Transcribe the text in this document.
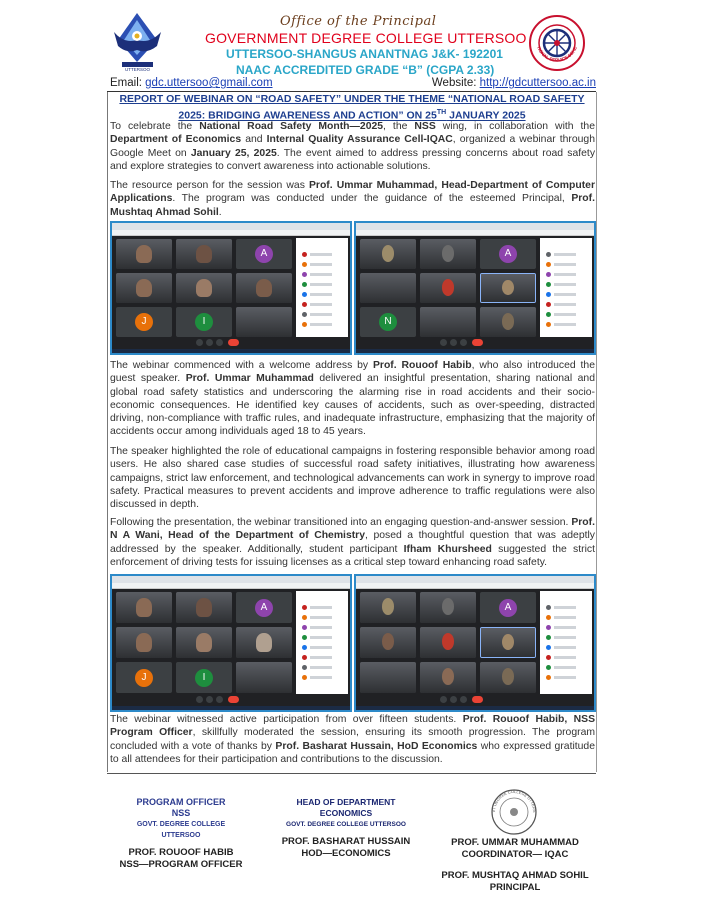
UTTERSOO
Office of the Principal
GOVERNMENT DEGREE COLLEGE UTTERSOO
UTTERSOO-SHANGUS ANANTNAG J&K- 192201
NAAC ACCREDITED GRADE “B” (CGPA 2.33)
TIONAL SERVICE SCHE
Email: gdc.uttersoo@gmail.com	Website: http://gdcuttersoo.ac.in
REPORT OF WEBINAR ON “ROAD SAFETY” UNDER THE THEME “NATIONAL ROAD SAFETY 2025: BRIDGING AWARENESS AND ACTION” ON 25TH JANUARY 2025
To celebrate the National Road Safety Month—2025, the NSS wing, in collaboration with the Department of Economics and Internal Quality Assurance Cell-IQAC, organized a webinar through Google Meet on January 25, 2025. The event aimed to address pressing concerns about road safety and explore strategies to convert awareness into actionable solutions.
The resource person for the session was Prof. Ummar Muhammad, Head-Department of Computer Applications. The program was conducted under the guidance of the esteemed Principal, Prof. Mushtaq Ahmad Sohil.
A
J	I
A
N
The webinar commenced with a welcome address by Prof. Rouoof Habib, who also introduced the guest speaker. Prof. Ummar Muhammad delivered an insightful presentation, sharing national and global road safety statistics and underscoring the alarming rise in road accidents and their socio-economic consequences. He identified key causes of accidents, such as over-speeding, distracted driving, non-compliance with traffic rules, and inadequate infrastructure, emphasizing that the majority of accidents occur among individuals aged 18 to 45 years.
The speaker highlighted the role of educational campaigns in fostering responsible behavior among road users. He also shared case studies of successful road safety initiatives, illustrating how awareness campaigns, strict law enforcement, and technological advancements can work in synergy to improve road safety. Practical measures to prevent accidents and improve adherence to traffic regulations were also discussed in depth.
Following the presentation, the webinar transitioned into an engaging question-and-answer session. Prof. N A Wani, Head of the Department of Chemistry, posed a thoughtful question that was adeptly addressed by the speaker. Additionally, student participant Ifham Khursheed suggested the strict enforcement of driving tests for issuing licenses as a critical step toward enhancing road safety.
A
J	I
A
The webinar witnessed active participation from over fifteen students. Prof. Rouoof Habib, NSS Program Officer, skillfully moderated the session, ensuring its smooth progression. The program concluded with a vote of thanks by Prof. Basharat Hussain, HoD Economics who expressed gratitude to all attendees for their participation and contributions to the discussion.
PROGRAM OFFICER
NSS
GOVT. DEGREE COLLEGE UTTERSOO
PROF. ROUOOF HABIB
NSS—PROGRAM OFFICER
HEAD OF DEPARTMENT
ECONOMICS
GOVT. DEGREE COLLEGE UTTERSOO
PROF. BASHARAT HUSSAIN
HOD—ECONOMICS
VT DEGREE COLLEGE UTTERS
PROF. UMMAR MUHAMMAD
COORDINATOR— IQAC
PROF. MUSHTAQ AHMAD SOHIL
PRINCIPAL
